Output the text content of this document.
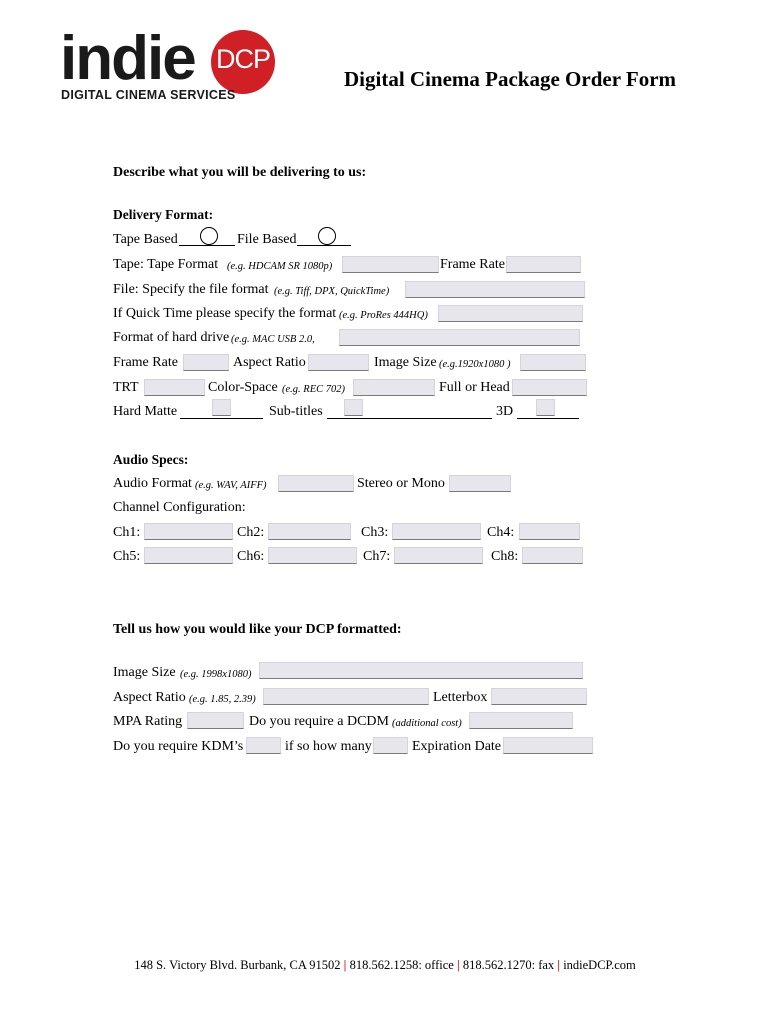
indie DCP
DIGITAL CINEMA SERVICES
Digital Cinema Package Order Form
Describe what you will be delivering to us:
Delivery Format:
Tape Based	File Based
Tape: Tape Format (e.g. HDCAM SR 1080p)	Frame Rate
File: Specify the file format (e.g. Tiff, DPX, QuickTime)
If Quick Time please specify the format (e.g. ProRes 444HQ)
Format of hard drive (e.g. MAC USB 2.0,
Frame Rate	Aspect Ratio	Image Size (e.g.1920x1080 )
TRT	Color-Space (e.g. REC 702)	Full or Head
Hard Matte	Sub-titles	3D
Audio Specs:
Audio Format (e.g. WAV, AIFF)	Stereo or Mono
Channel Configuration:
Ch1:	Ch2:	Ch3:	Ch4:
Ch5:	Ch6:	Ch7:	Ch8:
Tell us how you would like your DCP formatted:
Image Size (e.g. 1998x1080)
Aspect Ratio (e.g. 1.85, 2.39)	Letterbox
MPA Rating	Do you require a DCDM (additional cost)
Do you require KDM’s	if so how many	Expiration Date
148 S. Victory Blvd. Burbank, CA 91502 | 818.562.1258: office | 818.562.1270: fax | indieDCP.com
